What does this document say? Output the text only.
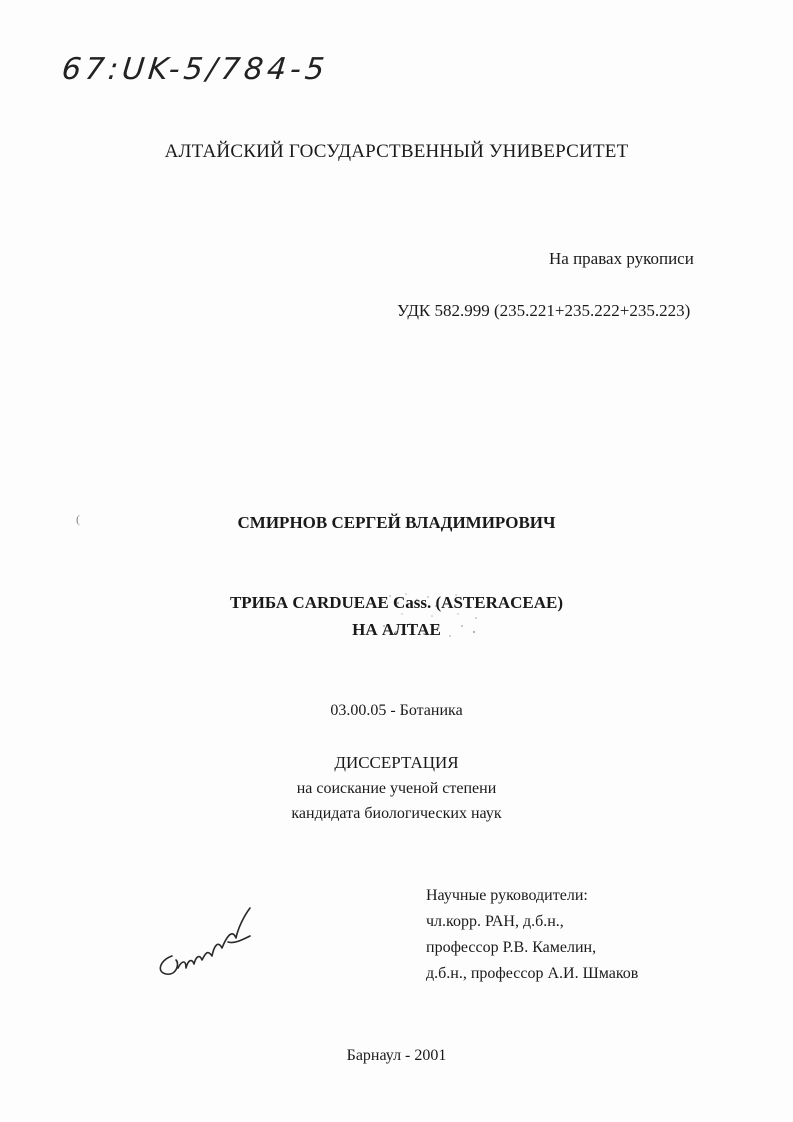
67:UK-5/784-5
АЛТАЙСКИЙ ГОСУДАРСТВЕННЫЙ УНИВЕРСИТЕТ
На правах рукописи
УДК 582.999 (235.221+235.222+235.223)
(	СМИРНОВ СЕРГЕЙ ВЛАДИМИРОВИЧ
ТРИБА CARDUEAE Cass. (ASTERACEAE)
НА АЛТАЕ
03.00.05 - Ботаника
ДИССЕРТАЦИЯ
на соискание ученой степени
кандидата биологических наук
Научные руководители:
чл.корр. РАН, д.б.н.,
профессор Р.В. Камелин,
д.б.н., профессор А.И. Шмаков
Барнаул - 2001
